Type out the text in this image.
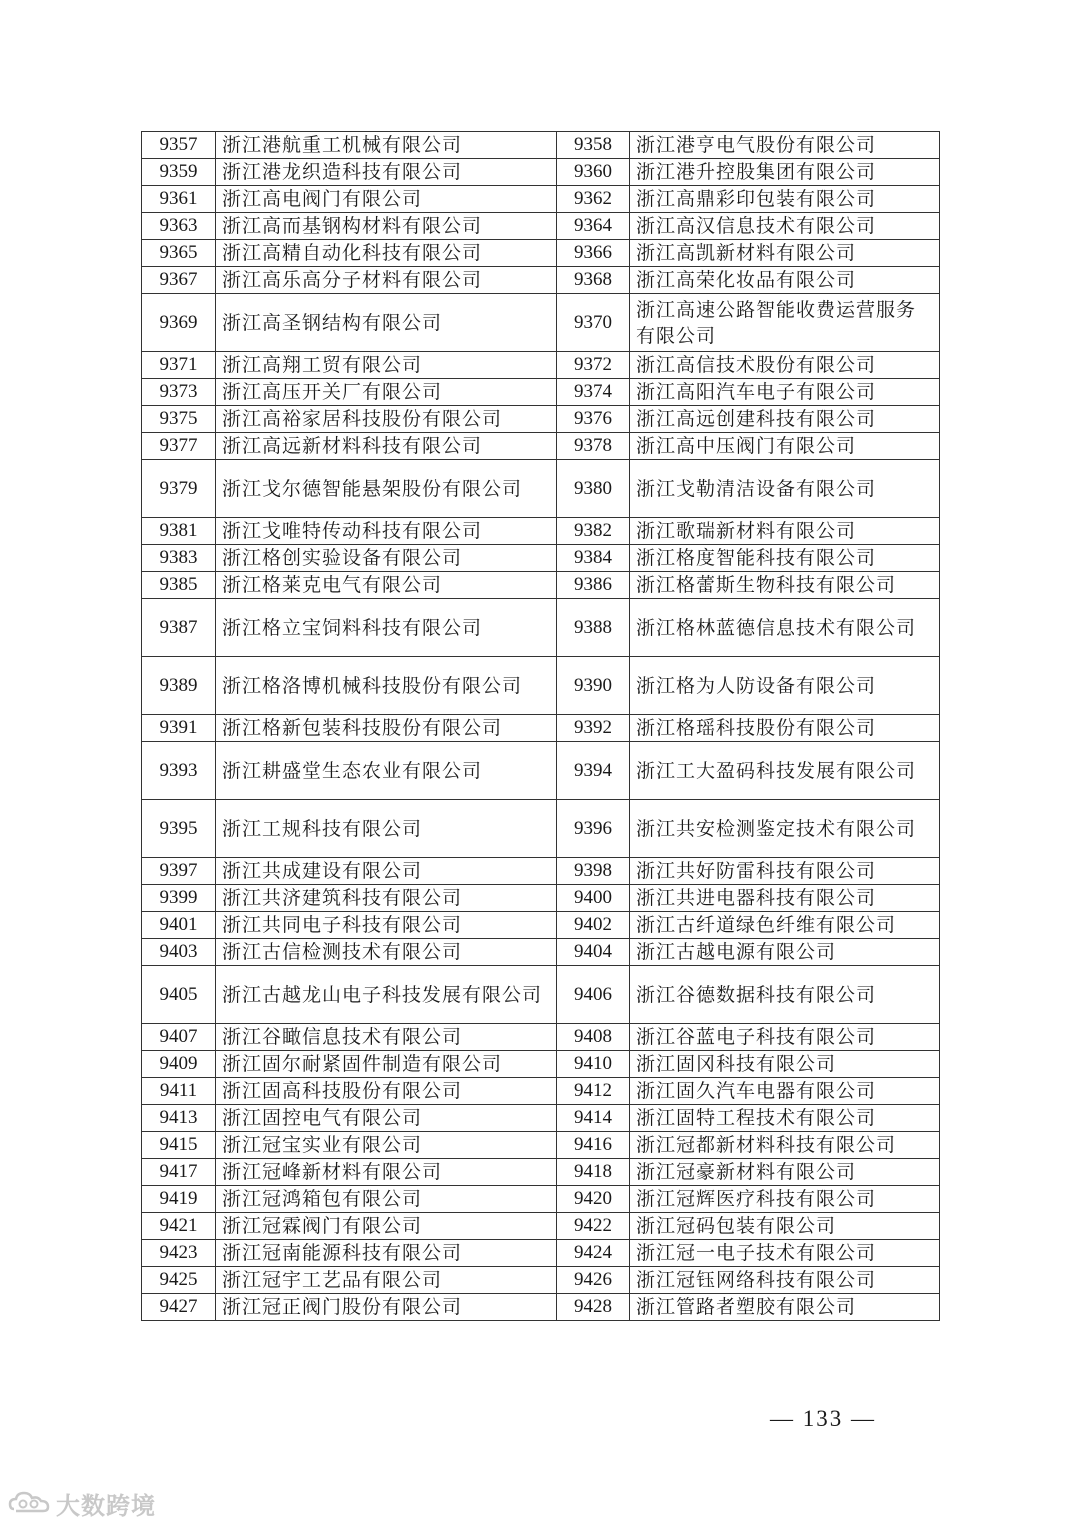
9357	浙江港航重工机械有限公司	9358	浙江港亨电气股份有限公司
9359	浙江港龙织造科技有限公司	9360	浙江港升控股集团有限公司
9361	浙江高电阀门有限公司	9362	浙江高鼎彩印包装有限公司
9363	浙江高而基钢构材料有限公司	9364	浙江高汉信息技术有限公司
9365	浙江高精自动化科技有限公司	9366	浙江高凯新材料有限公司
9367	浙江高乐高分子材料有限公司	9368	浙江高荣化妆品有限公司
9369	浙江高圣钢结构有限公司	9370	浙江高速公路智能收费运营服务有限公司
9371	浙江高翔工贸有限公司	9372	浙江高信技术股份有限公司
9373	浙江高压开关厂有限公司	9374	浙江高阳汽车电子有限公司
9375	浙江高裕家居科技股份有限公司	9376	浙江高远创建科技有限公司
9377	浙江高远新材料科技有限公司	9378	浙江高中压阀门有限公司
9379	浙江戈尔德智能悬架股份有限公司	9380	浙江戈勒清洁设备有限公司
9381	浙江戈唯特传动科技有限公司	9382	浙江歌瑞新材料有限公司
9383	浙江格创实验设备有限公司	9384	浙江格度智能科技有限公司
9385	浙江格莱克电气有限公司	9386	浙江格蕾斯生物科技有限公司
9387	浙江格立宝饲料科技有限公司	9388	浙江格林蓝德信息技术有限公司
9389	浙江格洛博机械科技股份有限公司	9390	浙江格为人防设备有限公司
9391	浙江格新包装科技股份有限公司	9392	浙江格瑶科技股份有限公司
9393	浙江耕盛堂生态农业有限公司	9394	浙江工大盈码科技发展有限公司
9395	浙江工规科技有限公司	9396	浙江共安检测鉴定技术有限公司
9397	浙江共成建设有限公司	9398	浙江共好防雷科技有限公司
9399	浙江共济建筑科技有限公司	9400	浙江共进电器科技有限公司
9401	浙江共同电子科技有限公司	9402	浙江古纤道绿色纤维有限公司
9403	浙江古信检测技术有限公司	9404	浙江古越电源有限公司
9405	浙江古越龙山电子科技发展有限公司	9406	浙江谷德数据科技有限公司
9407	浙江谷瞰信息技术有限公司	9408	浙江谷蓝电子科技有限公司
9409	浙江固尔耐紧固件制造有限公司	9410	浙江固冈科技有限公司
9411	浙江固高科技股份有限公司	9412	浙江固久汽车电器有限公司
9413	浙江固控电气有限公司	9414	浙江固特工程技术有限公司
9415	浙江冠宝实业有限公司	9416	浙江冠都新材料科技有限公司
9417	浙江冠峰新材料有限公司	9418	浙江冠豪新材料有限公司
9419	浙江冠鸿箱包有限公司	9420	浙江冠辉医疗科技有限公司
9421	浙江冠霖阀门有限公司	9422	浙江冠码包装有限公司
9423	浙江冠南能源科技有限公司	9424	浙江冠一电子技术有限公司
9425	浙江冠宇工艺品有限公司	9426	浙江冠钰网络科技有限公司
9427	浙江冠正阀门股份有限公司	9428	浙江管路者塑胶有限公司
— 133 —
大数跨境
